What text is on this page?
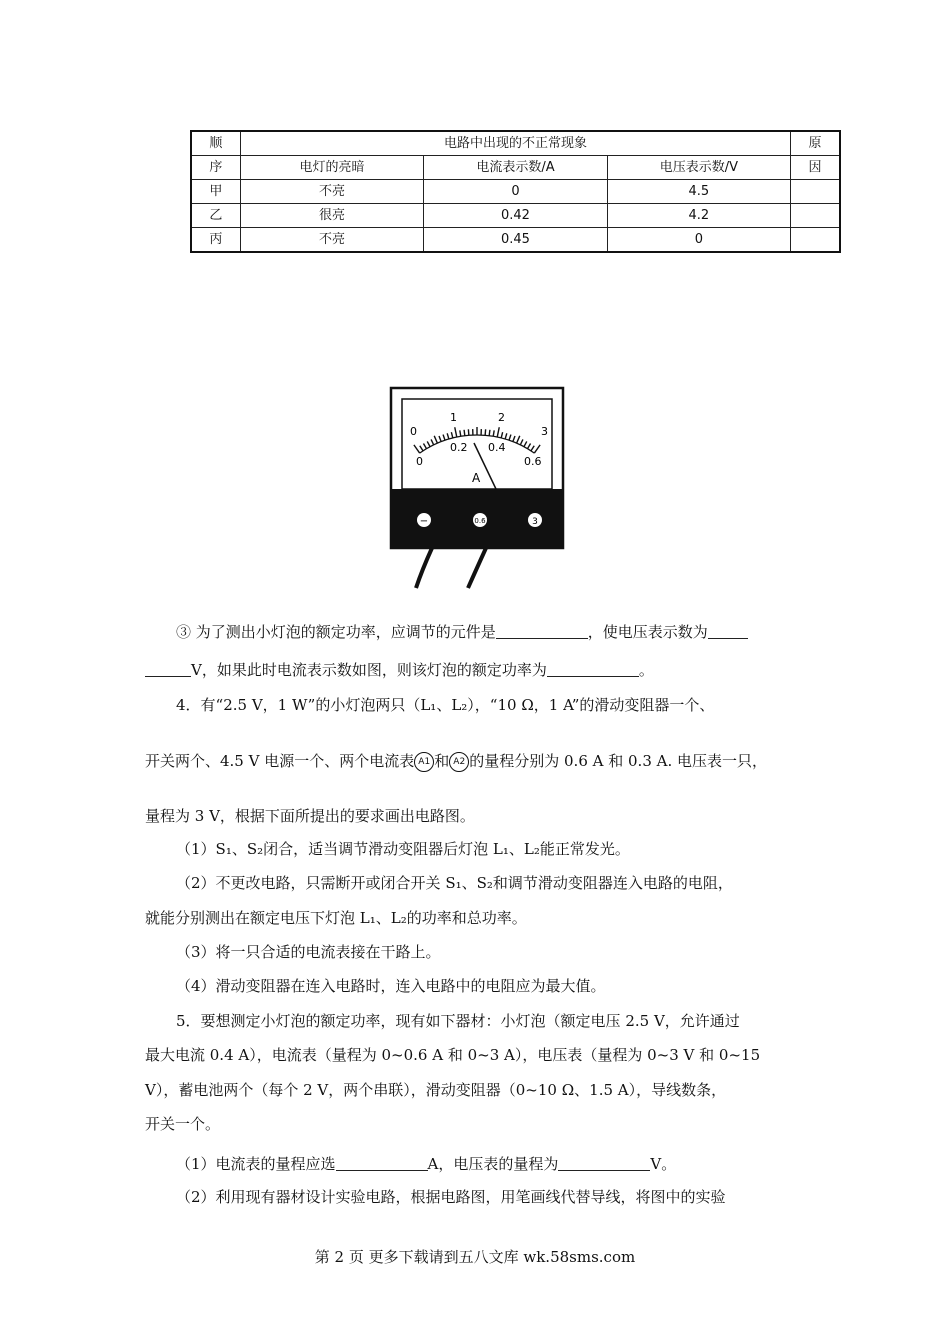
顺	电路中出现的不正常现象			原
序	电灯的亮暗	电流表示数/A	电压表示数/V	因
甲	不亮	0	4.5	
乙	很亮	0.42	4.2	
丙	不亮	0.45	0	
0
1	2
3
0
0.2 0.4
0.6
A
−	0.6	3
③ 为了测出小灯泡的额定功率，应调节的元件是	，使电压表示数为
V，如果此时电流表示数如图，则该灯泡的额定功率为	。
4．有“2.5 V，1 W”的小灯泡两只（L₁、L₂），“10 Ω，1 A”的滑动变阻器一个、
开关两个、4.5 V 电源一个、两个电流表 A1 和 A2 的量程分别为 0.6 A 和 0.3 A. 电压表一只，
量程为 3 V，根据下面所提出的要求画出电路图。
（1）S₁、S₂闭合，适当调节滑动变阻器后灯泡 L₁、L₂能正常发光。
（2）不更改电路，只需断开或闭合开关 S₁、S₂和调节滑动变阻器连入电路的电阻，
就能分别测出在额定电压下灯泡 L₁、L₂的功率和总功率。
（3）将一只合适的电流表接在干路上。
（4）滑动变阻器在连入电路时，连入电路中的电阻应为最大值。
5．要想测定小灯泡的额定功率，现有如下器材：小灯泡（额定电压 2.5 V，允许通过
最大电流 0.4 A），电流表（量程为 0~0.6 A 和 0~3 A），电压表（量程为 0~3 V 和 0~15
V），蓄电池两个（每个 2 V，两个串联），滑动变阻器（0~10 Ω、1.5 A），导线数条，
开关一个。
（1）电流表的量程应选	A，电压表的量程为	V。
（2）利用现有器材设计实验电路，根据电路图，用笔画线代替导线，将图中的实验
第 2 页 更多下载请到五八文库 wk.58sms.com
